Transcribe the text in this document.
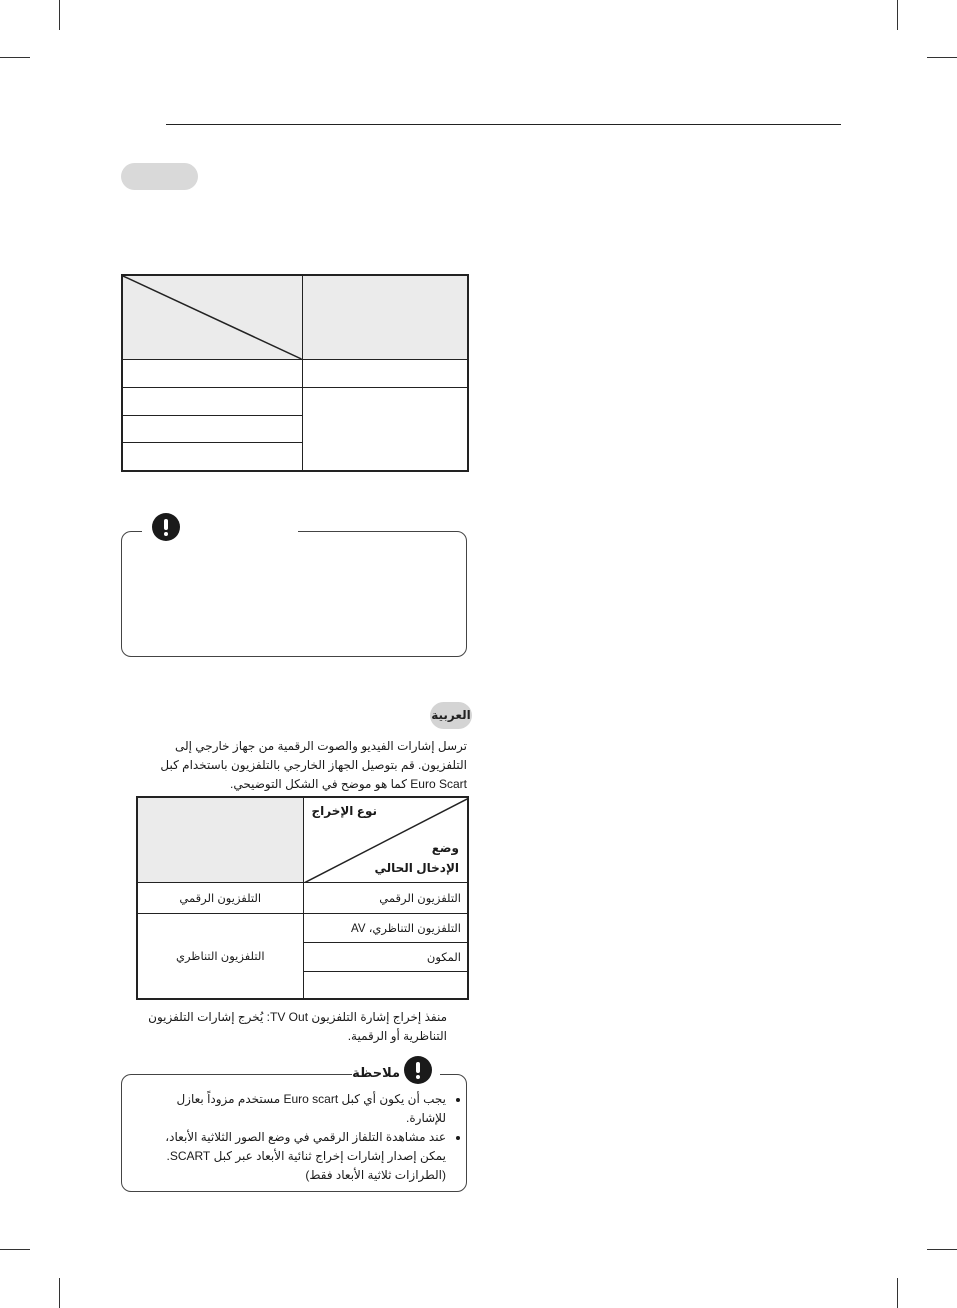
العربية
ترسل إشارات الفيديو والصوت الرقمية من جهاز خارجي إلى
التلفزيون. قم بتوصيل الجهاز الخارجي بالتلفزيون باستخدام كبل
Euro Scart كما هو موضح في الشكل التوضيحي.
نوع الإخراج
وضع
الإدخال الحالي	

التلفزيون الرقمي	التلفزيون الرقمي
التلفزيون التناظري، AV	التلفزيون التناظري
المكون	

منفذ إخراج إشارة التلفزيون TV Out: يُخرج إشارات التلفزيون
التناظرية أو الرقمية.
ملاحظة
• يجب أن يكون أي كبل Euro scart مستخدم مزوداً بعازل للإشارة.
• عند مشاهدة التلفاز الرقمي في وضع الصور الثلاثية الأبعاد، يمكن إصدار إشارات إخراج ثنائية الأبعاد عبر كبل SCART. (الطرازات ثلاثية الأبعاد فقط)
